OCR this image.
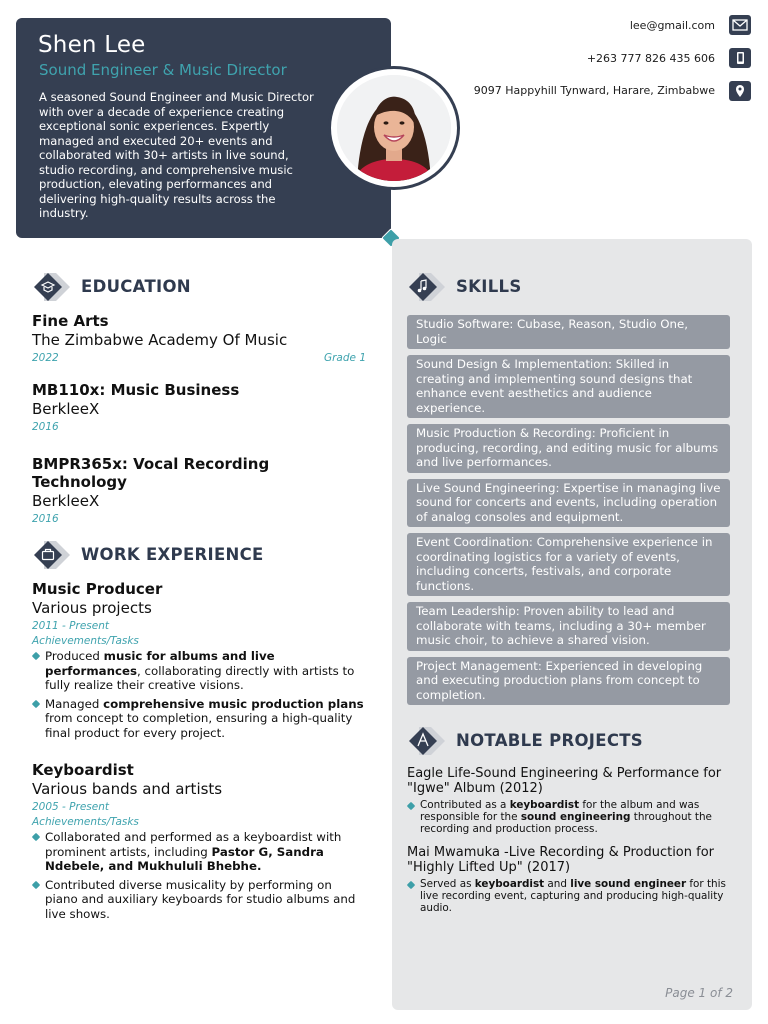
Shen Lee
Sound Engineer & Music Director
A seasoned Sound Engineer and Music Director with over a decade of experience creating exceptional sonic experiences. Expertly managed and executed 20+ events and collaborated with 30+ artists in live sound, studio recording, and comprehensive music production, elevating performances and delivering high-quality results across the industry.
lee@gmail.com
+263 777 826 435 606
9097 Happyhill Tynward, Harare, Zimbabwe
EDUCATION
Fine Arts
The Zimbabwe Academy Of Music
2022	Grade 1
MB110x: Music Business
BerkleeX
2016
BMPR365x: Vocal Recording Technology
BerkleeX
2016
WORK EXPERIENCE
Music Producer
Various projects
2011 - Present
Achievements/Tasks
Produced music for albums and live performances, collaborating directly with artists to fully realize their creative visions.
Managed comprehensive music production plans from concept to completion, ensuring a high-quality final product for every project.
Keyboardist
Various bands and artists
2005 - Present
Achievements/Tasks
Collaborated and performed as a keyboardist with prominent artists, including Pastor G, Sandra Ndebele, and Mukhululi Bhebhe.
Contributed diverse musicality by performing on piano and auxiliary keyboards for studio albums and live shows.
SKILLS
Studio Software: Cubase, Reason, Studio One, Logic
Sound Design & Implementation: Skilled in creating and implementing sound designs that enhance event aesthetics and audience experience.
Music Production & Recording: Proficient in producing, recording, and editing music for albums and live performances.
Live Sound Engineering: Expertise in managing live sound for concerts and events, including operation of analog consoles and equipment.
Event Coordination: Comprehensive experience in coordinating logistics for a variety of events, including concerts, festivals, and corporate functions.
Team Leadership: Proven ability to lead and collaborate with teams, including a 30+ member music choir, to achieve a shared vision.
Project Management: Experienced in developing and executing production plans from concept to completion.
NOTABLE PROJECTS
Eagle Life-Sound Engineering & Performance for "Igwe" Album (2012)
Contributed as a keyboardist for the album and was responsible for the sound engineering throughout the recording and production process.
Mai Mwamuka -Live Recording & Production for "Highly Lifted Up" (2017)
Served as keyboardist and live sound engineer for this live recording event, capturing and producing high-quality audio.
Page 1 of 2
